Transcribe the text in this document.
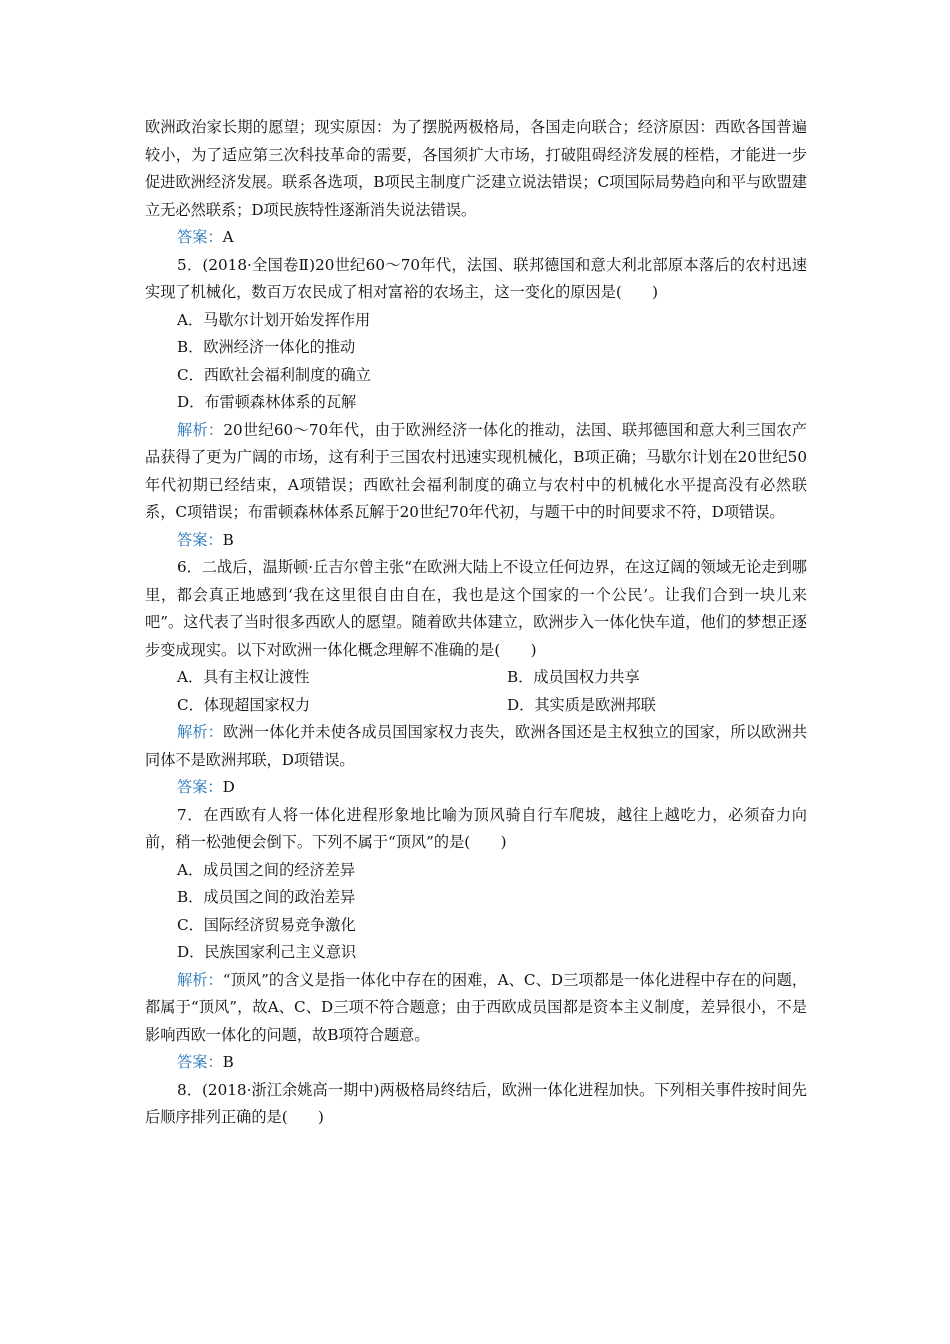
欧洲政治家长期的愿望；现实原因：为了摆脱两极格局，各国走向联合；经济原因：西欧各国普遍较小，为了适应第三次科技革命的需要，各国须扩大市场，打破阻碍经济发展的桎梏，才能进一步促进欧洲经济发展。联系各选项，B项民主制度广泛建立说法错误；C项国际局势趋向和平与欧盟建立无必然联系；D项民族特性逐渐消失说法错误。

答案：A

5．(2018·全国卷Ⅱ)20世纪60～70年代，法国、联邦德国和意大利北部原本落后的农村迅速实现了机械化，数百万农民成了相对富裕的农场主，这一变化的原因是(　　)

A．马歇尔计划开始发挥作用

B．欧洲经济一体化的推动

C．西欧社会福利制度的确立

D．布雷顿森林体系的瓦解

解析：20世纪60～70年代，由于欧洲经济一体化的推动，法国、联邦德国和意大利三国农产品获得了更为广阔的市场，这有利于三国农村迅速实现机械化，B项正确；马歇尔计划在20世纪50年代初期已经结束，A项错误；西欧社会福利制度的确立与农村中的机械化水平提高没有必然联系，C项错误；布雷顿森林体系瓦解于20世纪70年代初，与题干中的时间要求不符，D项错误。

答案：B

6．二战后，温斯顿·丘吉尔曾主张“在欧洲大陆上不设立任何边界，在这辽阔的领域无论走到哪里，都会真正地感到‘我在这里很自由自在，我也是这个国家的一个公民’。让我们合到一块儿来吧”。这代表了当时很多西欧人的愿望。随着欧共体建立，欧洲步入一体化快车道，他们的梦想正逐步变成现实。以下对欧洲一体化概念理解不准确的是(　　)

A．具有主权让渡性	B．成员国权力共享
C．体现超国家权力	D．其实质是欧洲邦联

解析：欧洲一体化并未使各成员国国家权力丧失，欧洲各国还是主权独立的国家，所以欧洲共同体不是欧洲邦联，D项错误。

答案：D

7．在西欧有人将一体化进程形象地比喻为顶风骑自行车爬坡，越往上越吃力，必须奋力向前，稍一松弛便会倒下。下列不属于“顶风”的是(　　)

A．成员国之间的经济差异

B．成员国之间的政治差异

C．国际经济贸易竞争激化

D．民族国家利己主义意识

解析：“顶风”的含义是指一体化中存在的困难，A、C、D三项都是一体化进程中存在的问题，都属于“顶风”，故A、C、D三项不符合题意；由于西欧成员国都是资本主义制度，差异很小，不是影响西欧一体化的问题，故B项符合题意。

答案：B

8．(2018·浙江余姚高一期中)两极格局终结后，欧洲一体化进程加快。下列相关事件按时间先后顺序排列正确的是(　　)
